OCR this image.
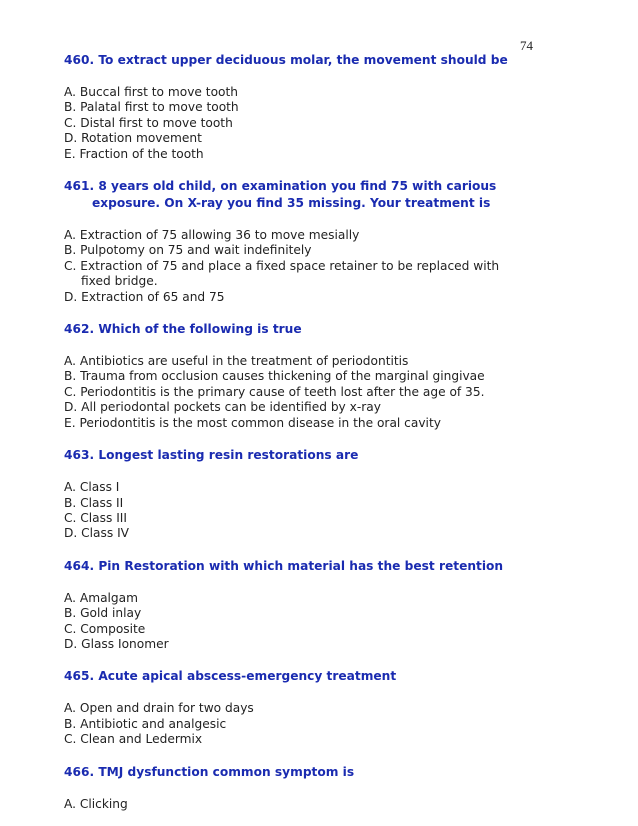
74
460. To extract upper deciduous molar, the movement should be
A. Buccal first to move tooth
B. Palatal first to move tooth
C. Distal first to move tooth
D. Rotation movement
E. Fraction of the tooth
461. 8 years old child, on examination you find 75 with carious exposure. On X-ray you find 35 missing. Your treatment is
A. Extraction of 75 allowing 36 to move mesially
B. Pulpotomy on 75 and wait indefinitely
C. Extraction of 75 and place a fixed space retainer to be replaced with fixed bridge.
D. Extraction of 65 and 75
462. Which of the following is true
A. Antibiotics are useful in the treatment of periodontitis
B. Trauma from occlusion causes thickening of the marginal gingivae
C. Periodontitis is the primary cause of teeth lost after the age of 35.
D. All periodontal pockets can be identified by x-ray
E. Periodontitis is the most common disease in the oral cavity
463. Longest lasting resin restorations are
A. Class I
B. Class II
C. Class III
D. Class IV
464. Pin Restoration with which material has the best retention
A. Amalgam
B. Gold inlay
C. Composite
D. Glass Ionomer
465. Acute apical abscess-emergency treatment
A. Open and drain for two days
B. Antibiotic and analgesic
C. Clean and Ledermix
466. TMJ dysfunction common symptom is
A. Clicking
